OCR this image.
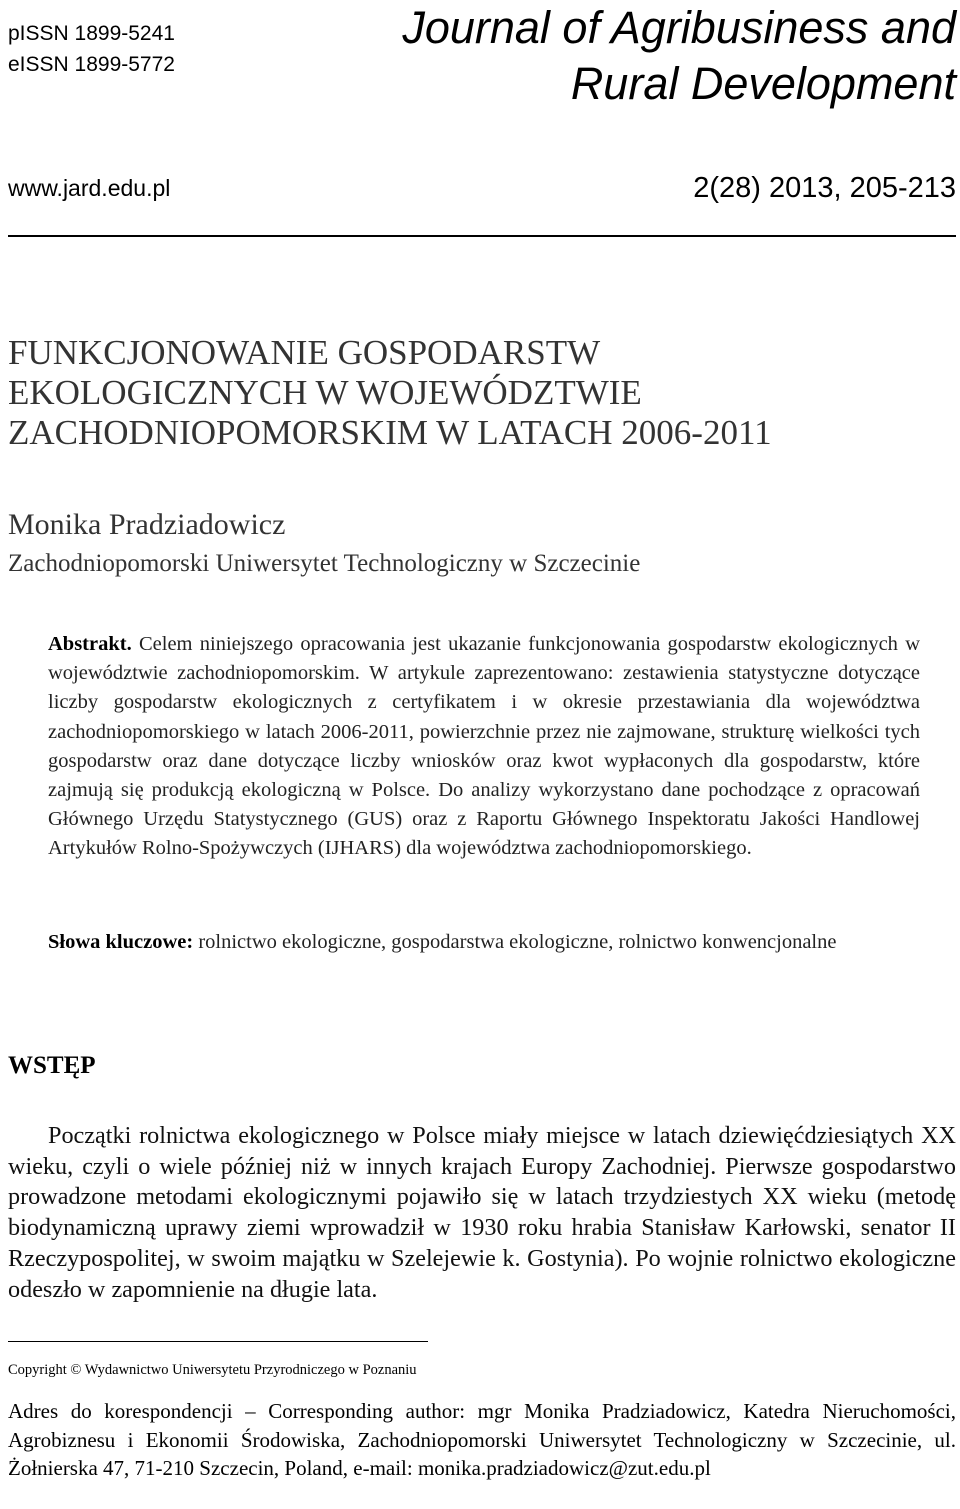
pISSN 1899-5241
eISSN 1899-5772
Journal of Agribusiness and
Rural Development
www.jard.edu.pl	2(28) 2013, 205-213
FUNKCJONOWANIE GOSPODARSTW
EKOLOGICZNYCH W WOJEWÓDZTWIE
ZACHODNIOPOMORSKIM W LATACH 2006-2011
Monika Pradziadowicz
Zachodniopomorski Uniwersytet Technologiczny w Szczecinie
Abstrakt. Celem niniejszego opracowania jest ukazanie funkcjonowania gospodarstw ekologicznych w województwie zachodniopomorskim. W artykule zaprezentowano: zestawienia statystyczne dotyczące liczby gospodarstw ekologicznych z certyfikatem i w okresie przestawiania dla województwa zachodniopomorskiego w latach 2006-2011, powierzchnie przez nie zajmowane, strukturę wielkości tych gospodarstw oraz dane dotyczące liczby wniosków oraz kwot wypłaconych dla gospodarstw, które zajmują się produkcją ekologiczną w Polsce. Do analizy wykorzystano dane pochodzące z opracowań Głównego Urzędu Statystycznego (GUS) oraz z Raportu Głównego Inspektoratu Jakości Handlowej Artykułów Rolno-Spożywczych (IJHARS) dla województwa zachodniopomorskiego.
Słowa kluczowe: rolnictwo ekologiczne, gospodarstwa ekologiczne, rolnictwo konwencjonalne
WSTĘP
Początki rolnictwa ekologicznego w Polsce miały miejsce w latach dziewięćdziesiątych XX wieku, czyli o wiele później niż w innych krajach Europy Zachodniej. Pierwsze gospodarstwo prowadzone metodami ekologicznymi pojawiło się w latach trzydziestych XX wieku (metodę biodynamiczną uprawy ziemi wprowadził w 1930 roku hrabia Stanisław Karłowski, senator II Rzeczypospolitej, w swoim majątku w Szelejewie k. Gostynia). Po wojnie rolnictwo ekologiczne odeszło w zapomnienie na długie lata.
Copyright © Wydawnictwo Uniwersytetu Przyrodniczego w Poznaniu
Adres do korespondencji – Corresponding author: mgr Monika Pradziadowicz, Katedra Nieruchomości, Agrobiznesu i Ekonomii Środowiska, Zachodniopomorski Uniwersytet Technologiczny w Szczecinie, ul. Żołnierska 47, 71-210 Szczecin, Poland, e-mail: monika.pradziadowicz@zut.edu.pl
